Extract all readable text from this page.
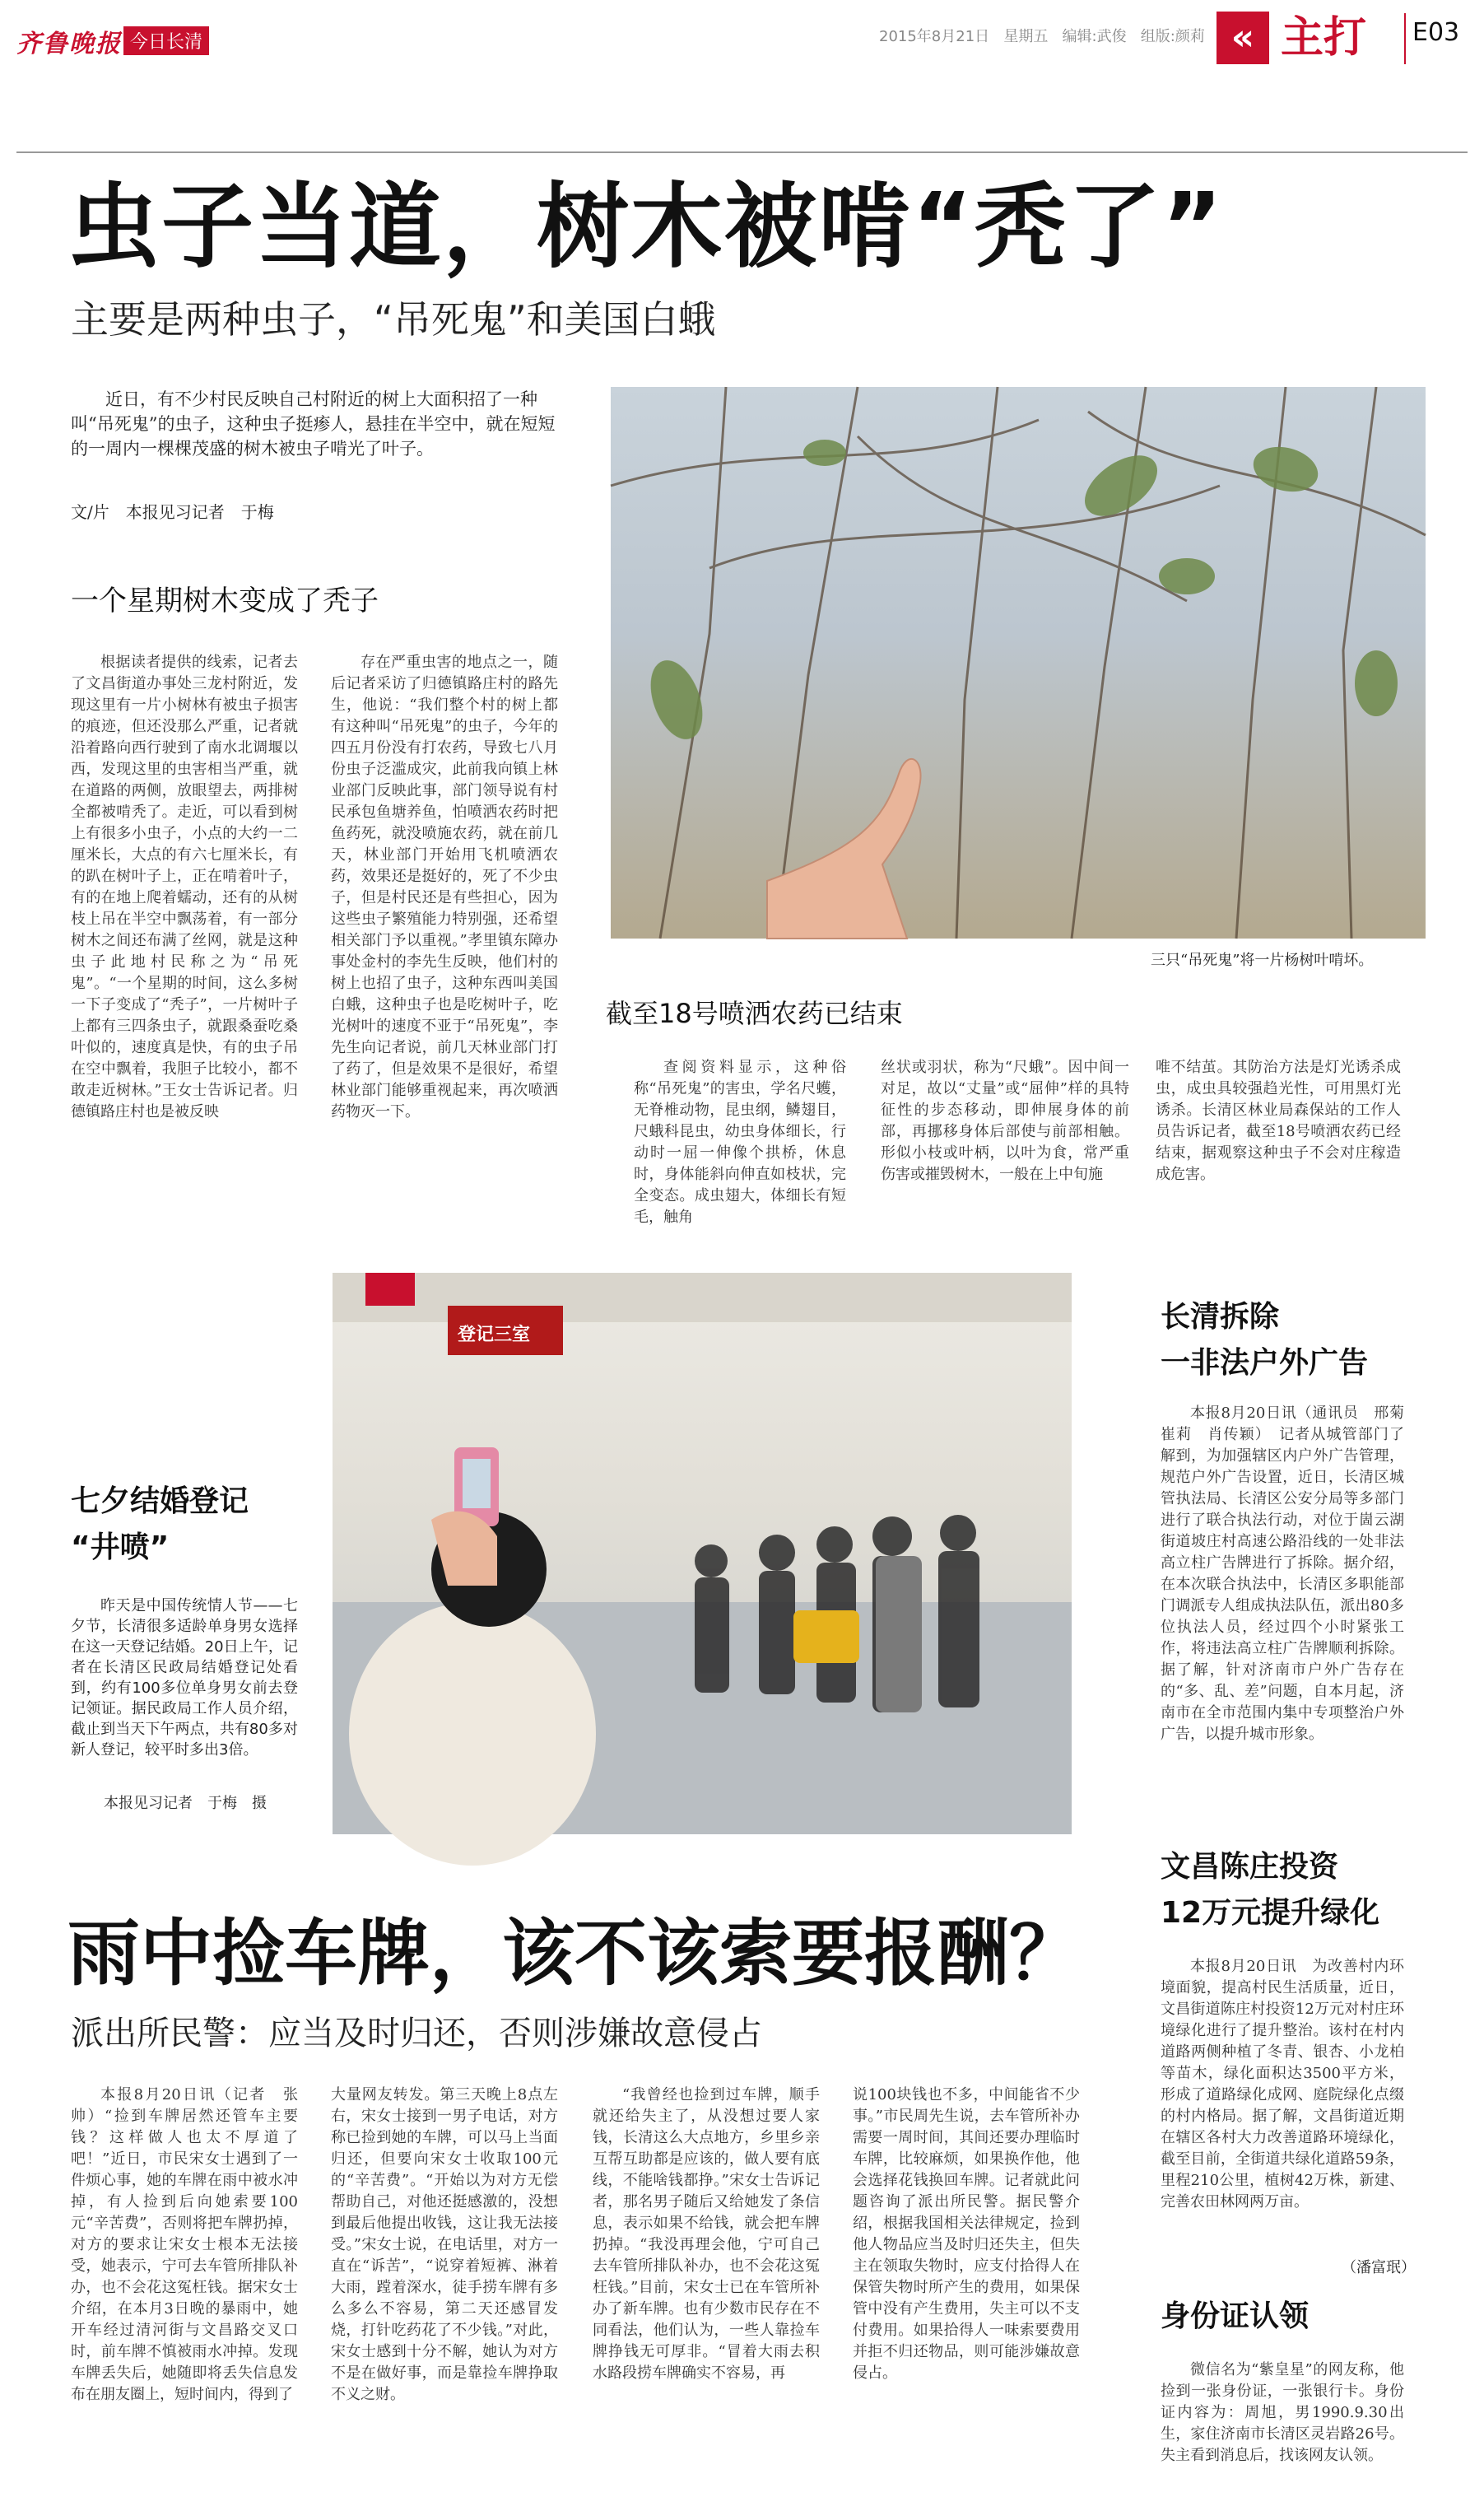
齐鲁晚报 今日长清	2015年8月21日 星期五 编辑:武俊 组版:颜莉 « 主打 E03
虫子当道，树木被啃“秃了”
主要是两种虫子，“吊死鬼”和美国白蛾
近日，有不少村民反映自己村附近的树上大面积招了一种叫“吊死鬼”的虫子，这种虫子挺瘆人，悬挂在半空中，就在短短的一周内一棵棵茂盛的树木被虫子啃光了叶子。
文/片　本报见习记者　于梅
一个星期树木变成了秃子
根据读者提供的线索，记者去了文昌街道办事处三龙村附近，发现这里有一片小树林有被虫子损害的痕迹，但还没那么严重，记者就沿着路向西行驶到了南水北调堰以西，发现这里的虫害相当严重，就在道路的两侧，放眼望去，两排树全都被啃秃了。走近，可以看到树上有很多小虫子，小点的大约一二厘米长，大点的有六七厘米长，有的趴在树叶子上，正在啃着叶子，有的在地上爬着蠕动，还有的从树枝上吊在半空中飘荡着，有一部分树木之间还布满了丝网，就是这种虫子此地村民称之为“吊死鬼”。“一个星期的时间，这么多树一下子变成了“秃子”，一片树叶子上都有三四条虫子，就跟桑蚕吃桑叶似的，速度真是快，有的虫子吊在空中飘着，我胆子比较小，都不敢走近树林。”王女士告诉记者。归德镇路庄村也是被反映
存在严重虫害的地点之一，随后记者采访了归德镇路庄村的路先生，他说：“我们整个村的树上都有这种叫“吊死鬼”的虫子，今年的四五月份没有打农药，导致七八月份虫子泛滥成灾，此前我向镇上林业部门反映此事，部门领导说有村民承包鱼塘养鱼，怕喷洒农药时把鱼药死，就没喷施农药，就在前几天，林业部门开始用飞机喷洒农药，效果还是挺好的，死了不少虫子，但是村民还是有些担心，因为这些虫子繁殖能力特别强，还希望相关部门予以重视。”孝里镇东障办事处金村的李先生反映，他们村的树上也招了虫子，这种东西叫美国白蛾，这种虫子也是吃树叶子，吃光树叶的速度不亚于“吊死鬼”，李先生向记者说，前几天林业部门打了药了，但是效果不是很好，希望林业部门能够重视起来，再次喷洒药物灭一下。
三只“吊死鬼”将一片杨树叶啃坏。
截至18号喷洒农药已结束
查阅资料显示，这种俗称“吊死鬼”的害虫，学名尺蠖，无脊椎动物，昆虫纲，鳞翅目，尺蛾科昆虫，幼虫身体细长，行动时一屈一伸像个拱桥，休息时，身体能斜向伸直如枝状，完全变态。成虫翅大，体细长有短毛，触角
丝状或羽状，称为“尺蛾”。因中间一对足，故以“丈量”或“屈伸”样的具特征性的步态移动，即伸展身体的前部，再挪移身体后部使与前部相触。形似小枝或叶柄，以叶为食，常严重伤害或摧毁树木，一般在上中旬施
唯不结茧。其防治方法是灯光诱杀成虫，成虫具较强趋光性，可用黑灯光诱杀。长清区林业局森保站的工作人员告诉记者，截至18号喷洒农药已经结束，据观察这种虫子不会对庄稼造成危害。
长清拆除
一非法户外广告
本报8月20日讯（通讯员　邢菊　崔莉　肖传颖）　记者从城管部门了解到，为加强辖区内户外广告管理，规范户外广告设置，近日，长清区城管执法局、长清区公安分局等多部门进行了联合执法行动，对位于崮云湖街道坡庄村高速公路沿线的一处非法高立柱广告牌进行了拆除。据介绍，在本次联合执法中，长清区多职能部门调派专人组成执法队伍，派出80多位执法人员，经过四个小时紧张工作，将违法高立柱广告牌顺利拆除。据了解，针对济南市户外广告存在的“多、乱、差”问题，自本月起，济南市在全市范围内集中专项整治户外广告，以提升城市形象。
七夕结婚登记
“井喷”
昨天是中国传统情人节——七夕节，长清很多适龄单身男女选择在这一天登记结婚。20日上午，记者在长清区民政局结婚登记处看到，约有100多位单身男女前去登记领证。据民政局工作人员介绍，截止到当天下午两点，共有80多对新人登记，较平时多出3倍。
本报见习记者　于梅　摄
登记三室
文昌陈庄投资
12万元提升绿化
本报8月20日讯　为改善村内环境面貌，提高村民生活质量，近日，文昌街道陈庄村投资12万元对村庄环境绿化进行了提升整治。该村在村内道路两侧种植了冬青、银杏、小龙柏等苗木，绿化面积达3500平方米，形成了道路绿化成网、庭院绿化点缀的村内格局。据了解，文昌街道近期在辖区各村大力改善道路环境绿化，截至目前，全街道共绿化道路59条，里程210公里，植树42万株，新建、完善农田林网两万亩。
（潘富珉）
雨中捡车牌，该不该索要报酬？
派出所民警：应当及时归还，否则涉嫌故意侵占
本报8月20日讯（记者　张帅）“捡到车牌居然还管车主要钱？这样做人也太不厚道了吧！”近日，市民宋女士遇到了一件烦心事，她的车牌在雨中被水冲掉，有人捡到后向她索要100元“辛苦费”，否则将把车牌扔掉，对方的要求让宋女士根本无法接受，她表示，宁可去车管所排队补办，也不会花这冤枉钱。据宋女士介绍，在本月3日晚的暴雨中，她开车经过清河街与文昌路交叉口时，前车牌不慎被雨水冲掉。发现车牌丢失后，她随即将丢失信息发布在朋友圈上，短时间内，得到了
大量网友转发。第三天晚上8点左右，宋女士接到一男子电话，对方称已捡到她的车牌，可以马上当面归还，但要向宋女士收取100元的“辛苦费”。“开始以为对方无偿帮助自己，对他还挺感激的，没想到最后他提出收钱，这让我无法接受。”宋女士说，在电话里，对方一直在“诉苦”，“说穿着短裤、淋着大雨，蹚着深水，徒手捞车牌有多么多么不容易，第二天还感冒发烧，打针吃药花了不少钱。”对此，宋女士感到十分不解，她认为对方不是在做好事，而是靠捡车牌挣取不义之财。
“我曾经也捡到过车牌，顺手就还给失主了，从没想过要人家钱，长清这么大点地方，乡里乡亲互帮互助都是应该的，做人要有底线，不能啥钱都挣。”宋女士告诉记者，那名男子随后又给她发了条信息，表示如果不给钱，就会把车牌扔掉。“我没再理会他，宁可自己去车管所排队补办，也不会花这冤枉钱。”目前，宋女士已在车管所补办了新车牌。也有少数市民存在不同看法，他们认为，一些人靠捡车牌挣钱无可厚非。“冒着大雨去积水路段捞车牌确实不容易，再
说100块钱也不多，中间能省不少事。”市民周先生说，去车管所补办需要一周时间，其间还要办理临时车牌，比较麻烦，如果换作他，他会选择花钱换回车牌。记者就此问题咨询了派出所民警。据民警介绍，根据我国相关法律规定，捡到他人物品应当及时归还失主，但失主在领取失物时，应支付拾得人在保管失物时所产生的费用，如果保管中没有产生费用，失主可以不支付费用。如果拾得人一味索要费用并拒不归还物品，则可能涉嫌故意侵占。
身份证认领
微信名为“紫皇星”的网友称，他捡到一张身份证，一张银行卡。身份证内容为：周旭，男1990.9.30出生，家住济南市长清区灵岩路26号。失主看到消息后，找该网友认领。
